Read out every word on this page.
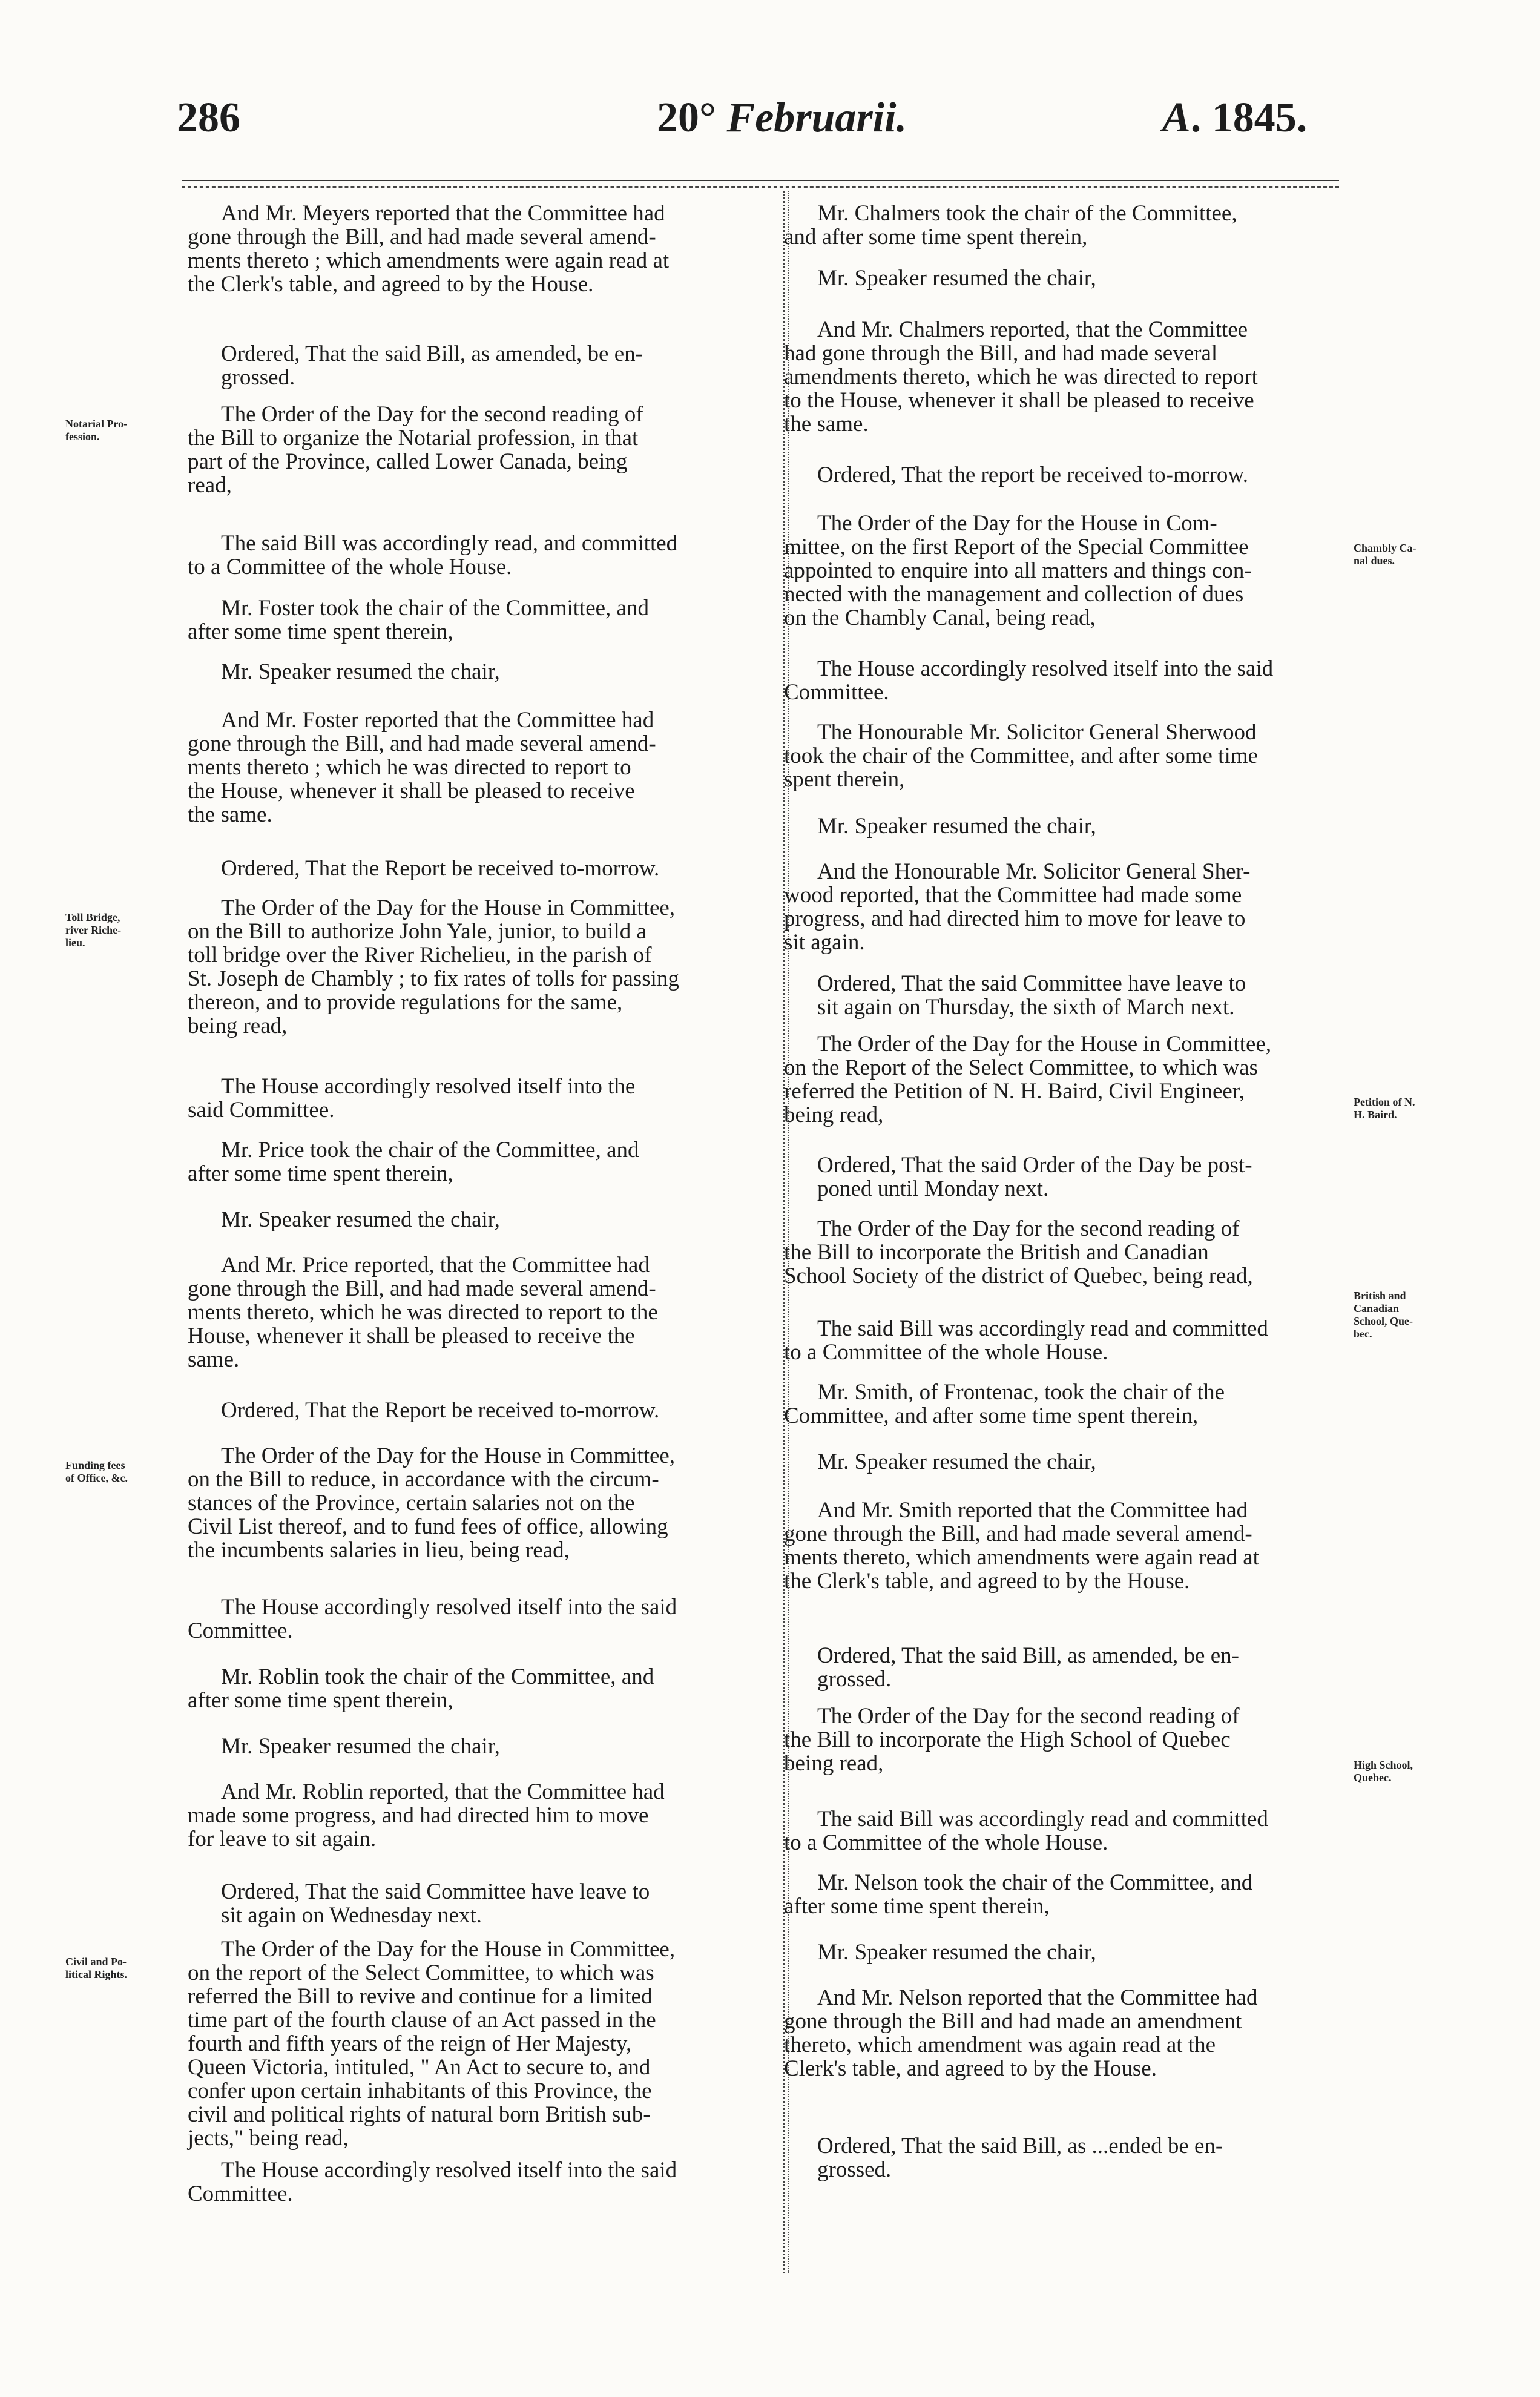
286	20° Februarii.	A. 1845.

And Mr. Meyers reported that the Committee had
gone through the Bill, and had made several amend-
ments thereto ; which amendments were again read at
the Clerk's table, and agreed to by the House.

Ordered, That the said Bill, as amended, be en-
grossed.

The Order of the Day for the second reading of
the Bill to organize the Notarial profession, in that
part of the Province, called Lower Canada, being
read,

The said Bill was accordingly read, and committed
to a Committee of the whole House.

Mr. Foster took the chair of the Committee, and
after some time spent therein,

Mr. Speaker resumed the chair,

And Mr. Foster reported that the Committee had
gone through the Bill, and had made several amend-
ments thereto ; which he was directed to report to
the House, whenever it shall be pleased to receive
the same.

Ordered, That the Report be received to-morrow.

The Order of the Day for the House in Committee,
on the Bill to authorize John Yale, junior, to build a
toll bridge over the River Richelieu, in the parish of
St. Joseph de Chambly ; to fix rates of tolls for passing
thereon, and to provide regulations for the same,
being read,

The House accordingly resolved itself into the
said Committee.

Mr. Price took the chair of the Committee, and
after some time spent therein,

Mr. Speaker resumed the chair,

And Mr. Price reported, that the Committee had
gone through the Bill, and had made several amend-
ments thereto, which he was directed to report to the
House, whenever it shall be pleased to receive the
same.

Ordered, That the Report be received to-morrow.

The Order of the Day for the House in Committee,
on the Bill to reduce, in accordance with the circum-
stances of the Province, certain salaries not on the
Civil List thereof, and to fund fees of office, allowing
the incumbents salaries in lieu, being read,

The House accordingly resolved itself into the said
Committee.

Mr. Roblin took the chair of the Committee, and
after some time spent therein,

Mr. Speaker resumed the chair,

And Mr. Roblin reported, that the Committee had
made some progress, and had directed him to move
for leave to sit again.

Ordered, That the said Committee have leave to
sit again on Wednesday next.

The Order of the Day for the House in Committee,
on the report of the Select Committee, to which was
referred the Bill to revive and continue for a limited
time part of the fourth clause of an Act passed in the
fourth and fifth years of the reign of Her Majesty,
Queen Victoria, intituled, " An Act to secure to, and
confer upon certain inhabitants of this Province, the
civil and political rights of natural born British sub-
jects," being read,

The House accordingly resolved itself into the said
Committee.

Mr. Chalmers took the chair of the Committee,
and after some time spent therein,

Mr. Speaker resumed the chair,

And Mr. Chalmers reported, that the Committee
had gone through the Bill, and had made several
amendments thereto, which he was directed to report
to the House, whenever it shall be pleased to receive
the same.

Ordered, That the report be received to-morrow.

The Order of the Day for the House in Com-
mittee, on the first Report of the Special Committee
appointed to enquire into all matters and things con-
nected with the management and collection of dues
on the Chambly Canal, being read,

The House accordingly resolved itself into the said
Committee.

The Honourable Mr. Solicitor General Sherwood
took the chair of the Committee, and after some time
spent therein,

Mr. Speaker resumed the chair,

And the Honourable Mr. Solicitor General Sher-
wood reported, that the Committee had made some
progress, and had directed him to move for leave to
sit again.

Ordered, That the said Committee have leave to
sit again on Thursday, the sixth of March next.

The Order of the Day for the House in Committee,
on the Report of the Select Committee, to which was
referred the Petition of N. H. Baird, Civil Engineer,
being read,

Ordered, That the said Order of the Day be post-
poned until Monday next.

The Order of the Day for the second reading of
the Bill to incorporate the British and Canadian
School Society of the district of Quebec, being read,

The said Bill was accordingly read and committed
to a Committee of the whole House.

Mr. Smith, of Frontenac, took the chair of the
Committee, and after some time spent therein,

Mr. Speaker resumed the chair,

And Mr. Smith reported that the Committee had
gone through the Bill, and had made several amend-
ments thereto, which amendments were again read at
the Clerk's table, and agreed to by the House.

Ordered, That the said Bill, as amended, be en-
grossed.

The Order of the Day for the second reading of
the Bill to incorporate the High School of Quebec
being read,

The said Bill was accordingly read and committed
to a Committee of the whole House.

Mr. Nelson took the chair of the Committee, and
after some time spent therein,

Mr. Speaker resumed the chair,

And Mr. Nelson reported that the Committee had
gone through the Bill and had made an amendment
thereto, which amendment was again read at the
Clerk's table, and agreed to by the House.

Ordered, That the said Bill, as ...ended be en-
grossed.

Notarial Pro-
fession.
Toll Bridge,
river Riche-
lieu.
Funding fees
of Office, &c.
Civil and Po-
litical Rights.
Chambly Ca-
nal dues.
Petition of N.
H. Baird.
British and
Canadian
School, Que-
bec.
High School,
Quebec.
